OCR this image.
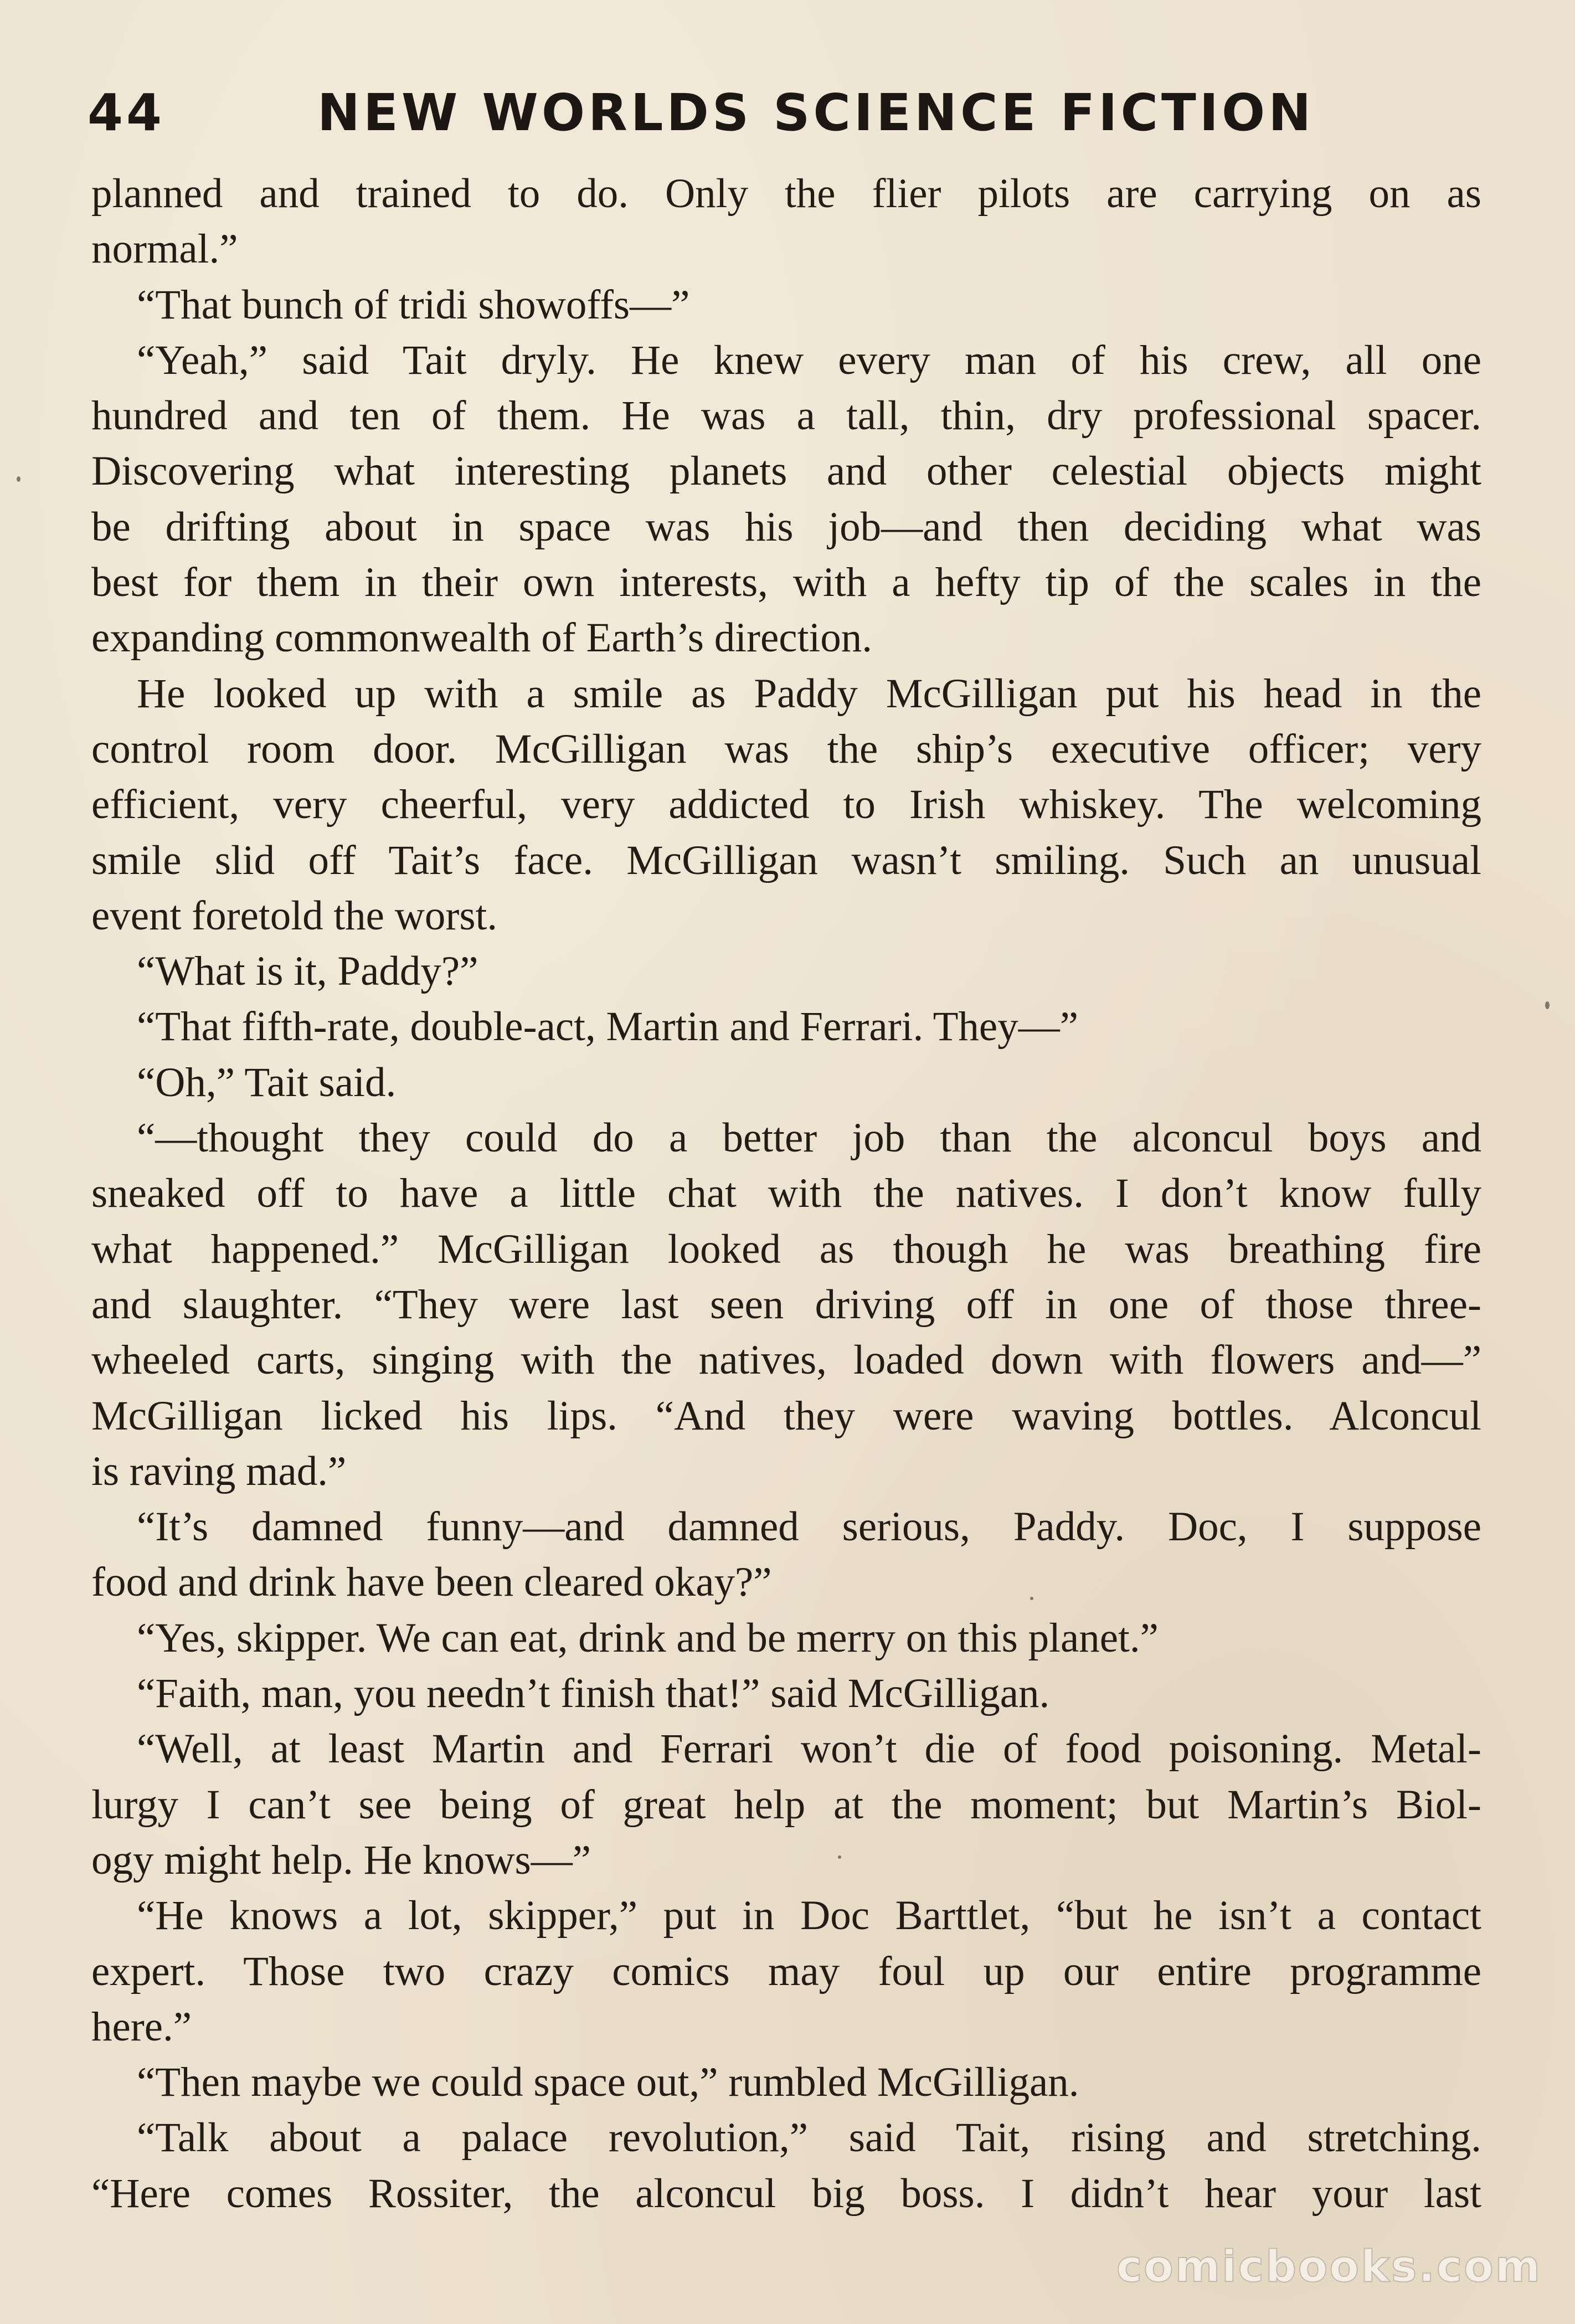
44	NEW WORLDS SCIENCE FICTION
planned and trained to do. Only the flier pilots are carrying on as
normal.”
“That bunch of tridi showoffs—”
“Yeah,” said Tait dryly. He knew every man of his crew, all one
hundred and ten of them. He was a tall, thin, dry professional spacer.
Discovering what interesting planets and other celestial objects might
be drifting about in space was his job—and then deciding what was
best for them in their own interests, with a hefty tip of the scales in the
expanding commonwealth of Earth’s direction.
He looked up with a smile as Paddy McGilligan put his head in the
control room door. McGilligan was the ship’s executive officer; very
efficient, very cheerful, very addicted to Irish whiskey. The welcoming
smile slid off Tait’s face. McGilligan wasn’t smiling. Such an unusual
event foretold the worst.
“What is it, Paddy?”
“That fifth-rate, double-act, Martin and Ferrari. They—”
“Oh,” Tait said.
“—thought they could do a better job than the alconcul boys and
sneaked off to have a little chat with the natives. I don’t know fully
what happened.” McGilligan looked as though he was breathing fire
and slaughter. “They were last seen driving off in one of those three-
wheeled carts, singing with the natives, loaded down with flowers and—”
McGilligan licked his lips. “And they were waving bottles. Alconcul
is raving mad.”
“It’s damned funny—and damned serious, Paddy. Doc, I suppose
food and drink have been cleared okay?”
“Yes, skipper. We can eat, drink and be merry on this planet.”
“Faith, man, you needn’t finish that!” said McGilligan.
“Well, at least Martin and Ferrari won’t die of food poisoning. Metal-
lurgy I can’t see being of great help at the moment; but Martin’s Biol-
ogy might help. He knows—”
“He knows a lot, skipper,” put in Doc Barttlet, “but he isn’t a contact
expert. Those two crazy comics may foul up our entire programme
here.”
“Then maybe we could space out,” rumbled McGilligan.
“Talk about a palace revolution,” said Tait, rising and stretching.
“Here comes Rossiter, the alconcul big boss. I didn’t hear your last
comicbooks.com
